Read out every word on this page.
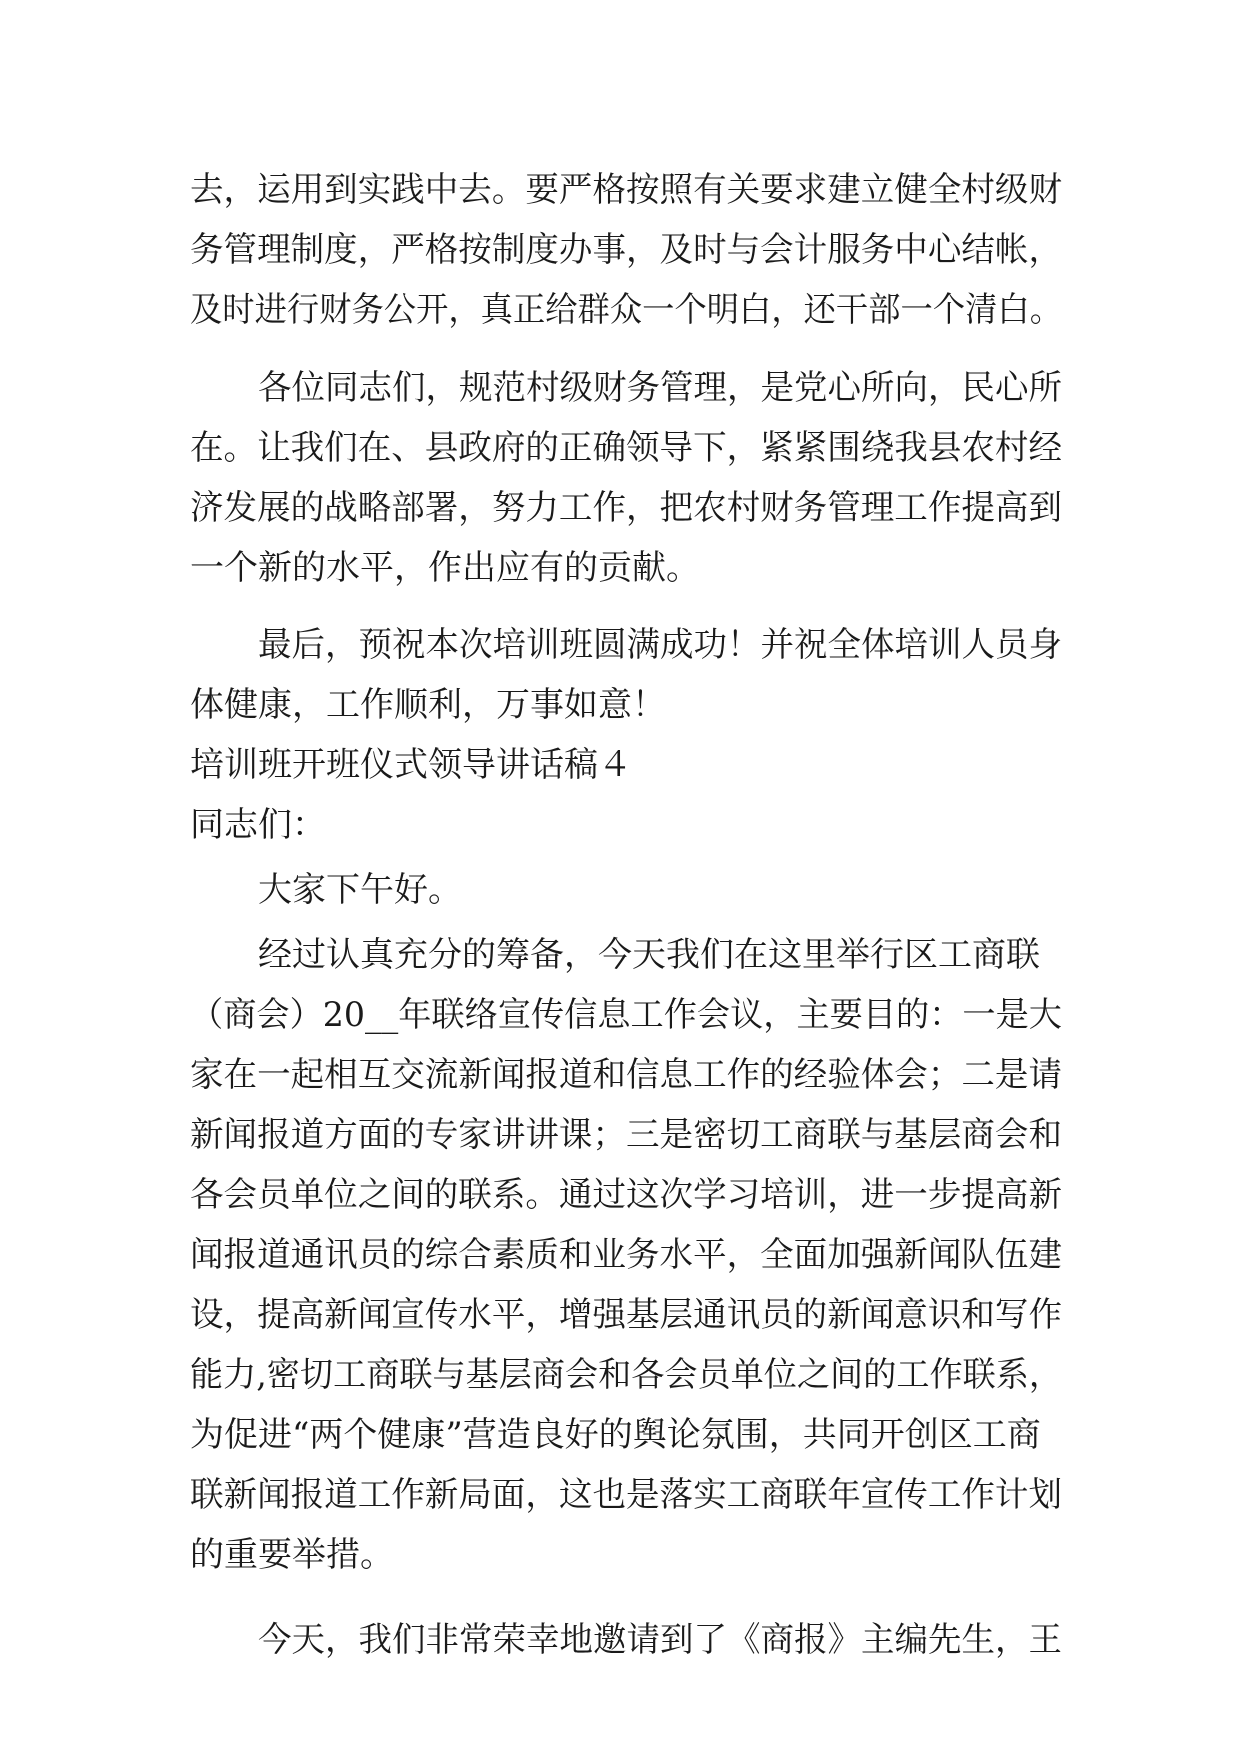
去，运用到实践中去。要严格按照有关要求建立健全村级财
务管理制度，严格按制度办事，及时与会计服务中心结帐，
及时进行财务公开，真正给群众一个明白，还干部一个清白。
各位同志们，规范村级财务管理，是党心所向，民心所
在。让我们在、县政府的正确领导下，紧紧围绕我县农村经
济发展的战略部署，努力工作，把农村财务管理工作提高到
一个新的水平，作出应有的贡献。
最后，预祝本次培训班圆满成功！并祝全体培训人员身
体健康，工作顺利，万事如意！
培训班开班仪式领导讲话稿４
同志们：
大家下午好。
经过认真充分的筹备，今天我们在这里举行区工商联
（商会）20__年联络宣传信息工作会议，主要目的：一是大
家在一起相互交流新闻报道和信息工作的经验体会；二是请
新闻报道方面的专家讲讲课；三是密切工商联与基层商会和
各会员单位之间的联系。通过这次学习培训，进一步提高新
闻报道通讯员的综合素质和业务水平，全面加强新闻队伍建
设，提高新闻宣传水平，增强基层通讯员的新闻意识和写作
能力,密切工商联与基层商会和各会员单位之间的工作联系，
为促进“两个健康”营造良好的舆论氛围，共同开创区工商
联新闻报道工作新局面，这也是落实工商联年宣传工作计划
的重要举措。
今天，我们非常荣幸地邀请到了《商报》主编先生，王
